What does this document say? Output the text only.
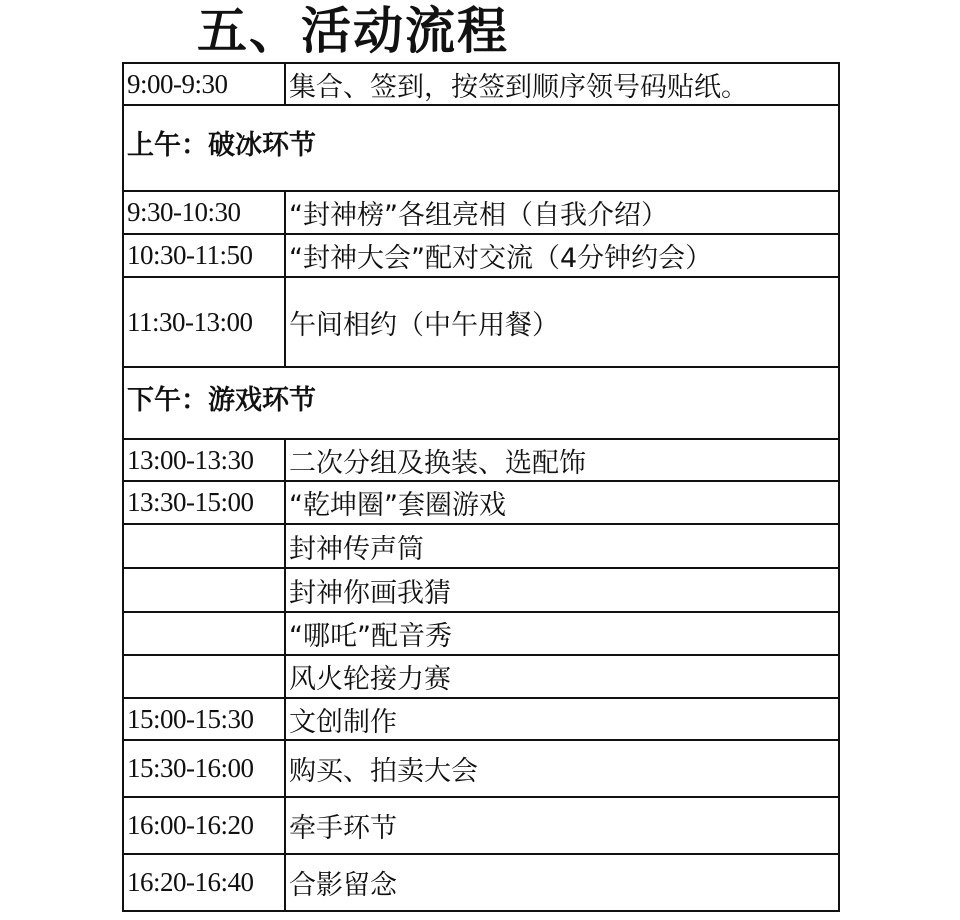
五、活动流程
9:00-9:30	集合、签到，按签到顺序领号码贴纸。
上午：破冰环节	
9:30-10:30	“封神榜”各组亮相（自我介绍）
10:30-11:50	“封神大会”配对交流（4分钟约会）
11:30-13:00	午间相约（中午用餐）
下午：游戏环节	
13:00-13:30	二次分组及换装、选配饰
13:30-15:00	“乾坤圈”套圈游戏
	封神传声筒
	封神你画我猜
	“哪吒”配音秀
	风火轮接力赛
15:00-15:30	文创制作
15:30-16:00	购买、拍卖大会
16:00-16:20	牵手环节
16:20-16:40	合影留念
